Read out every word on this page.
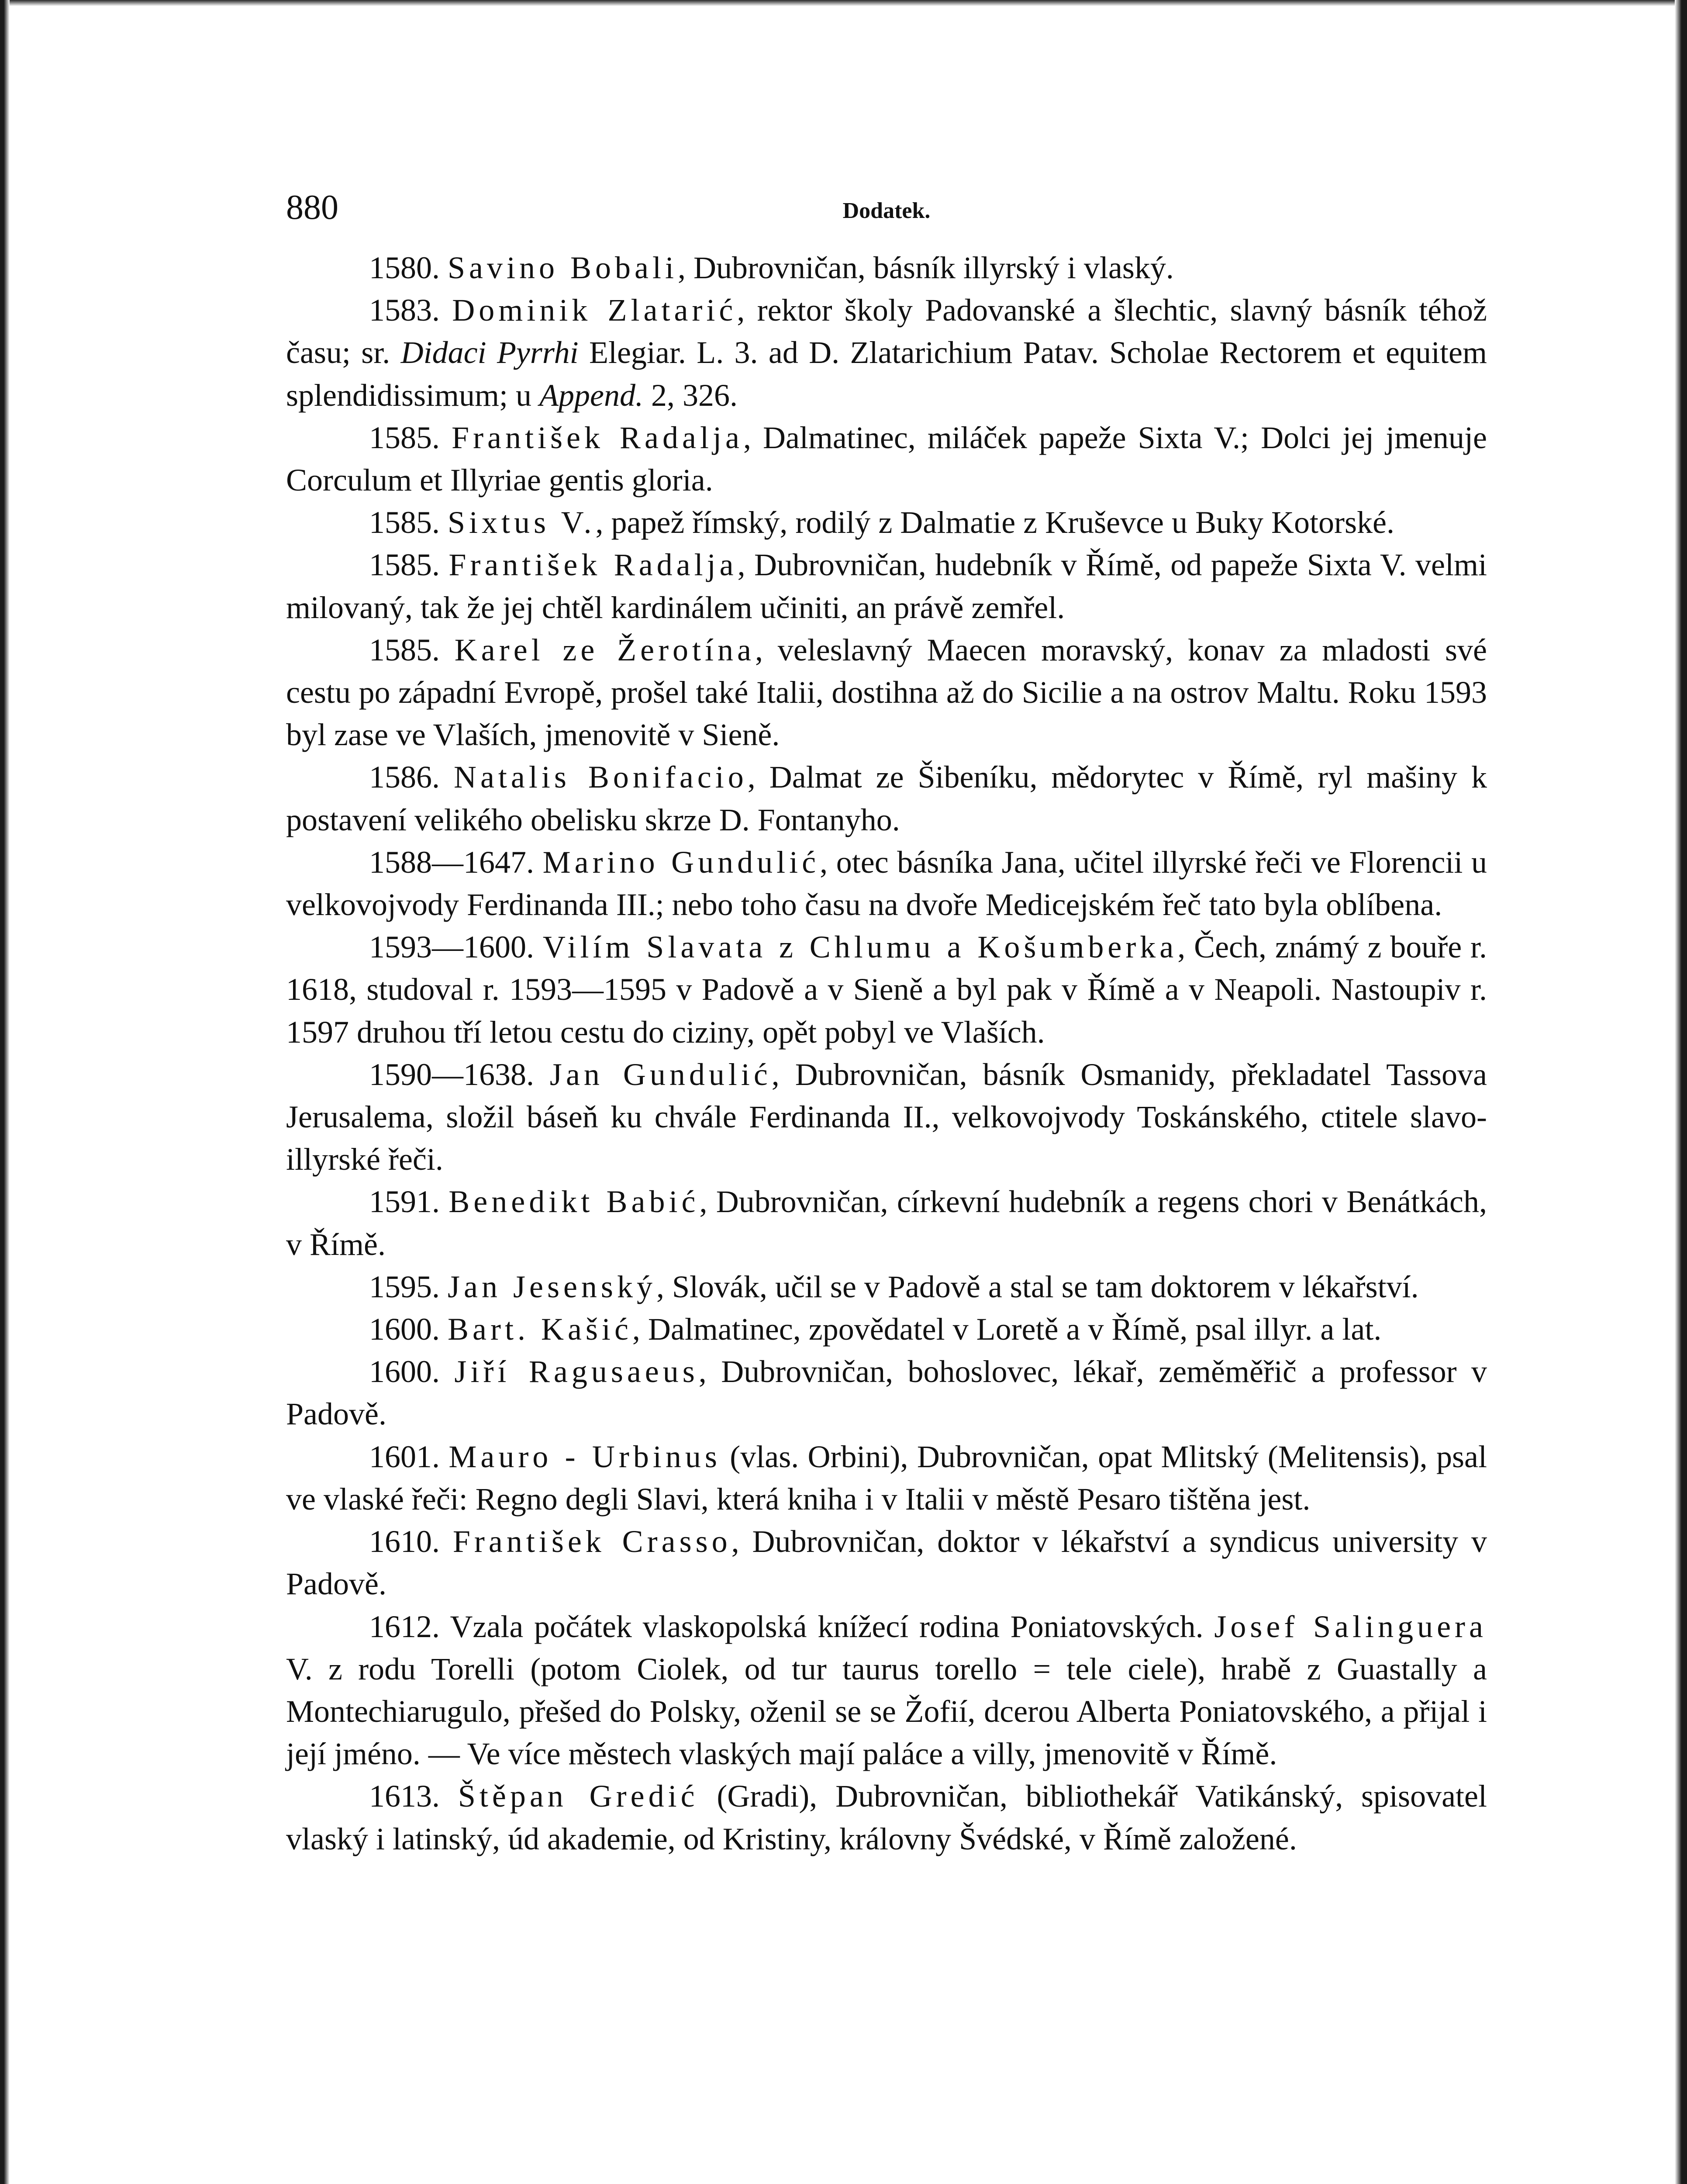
880	Dodatek.

1580. Savino Bobali, Dubrovničan, básník illyrský i vlaský.

1583. Dominik Zlatarić, rektor školy Padovanské a šlechtic, slavný básník téhož času; sr. Didaci Pyrrhi Elegiar. L. 3. ad D. Zlatarichium Patav. Scholae Rectorem et equitem splendidissimum; u Append. 2, 326.

1585. František Radalja, Dalmatinec, miláček papeže Sixta V.; Dolci jej jmenuje Corculum et Illyriae gentis gloria.

1585. Sixtus V., papež římský, rodilý z Dalmatie z Kruševce u Buky Kotorské.

1585. František Radalja, Dubrovničan, hudebník v Římě, od papeže Sixta V. velmi milovaný, tak že jej chtěl kardinálem učiniti, an právě zemřel.

1585. Karel ze Žerotína, veleslavný Maecen moravský, konav za mladosti své cestu po západní Evropě, prošel také Italii, dostihna až do Sicilie a na ostrov Maltu. Roku 1593 byl zase ve Vlaších, jmenovitě v Sieně.

1586. Natalis Bonifacio, Dalmat ze Šibeníku, mědorytec v Římě, ryl mašiny k postavení velikého obelisku skrze D. Fontanyho.

1588—1647. Marino Gundulić, otec básníka Jana, učitel illyrské řeči ve Florencii u velkovojvody Ferdinanda III.; nebo toho času na dvoře Medicejském řeč tato byla oblíbena.

1593—1600. Vilím Slavata z Chlumu a Košumberka, Čech, známý z bouře r. 1618, studoval r. 1593—1595 v Padově a v Sieně a byl pak v Římě a v Neapoli. Nastoupiv r. 1597 druhou tří letou cestu do ciziny, opět pobyl ve Vlaších.

1590—1638. Jan Gundulić, Dubrovničan, básník Osmanidy, překladatel Tassova Jerusalema, složil báseň ku chvále Ferdinanda II., velkovojvody Toskánského, ctitele slavo-illyrské řeči.

1591. Benedikt Babić, Dubrovničan, církevní hudebník a regens chori v Benátkách, v Římě.

1595. Jan Jesenský, Slovák, učil se v Padově a stal se tam doktorem v lékařství.

1600. Bart. Kašić, Dalmatinec, zpovědatel v Loretě a v Římě, psal illyr. a lat.

1600. Jiří Ragusaeus, Dubrovničan, bohoslovec, lékař, zeměměřič a professor v Padově.

1601. Mauro - Urbinus (vlas. Orbini), Dubrovničan, opat Mlitský (Melitensis), psal ve vlaské řeči: Regno degli Slavi, která kniha i v Italii v městě Pesaro tištěna jest.

1610. František Crasso, Dubrovničan, doktor v lékařství a syndicus university v Padově.

1612. Vzala počátek vlaskopolská knížecí rodina Poniatovských. Josef Salinguera V. z rodu Torelli (potom Ciolek, od tur taurus torello = tele ciele), hrabě z Guastally a Montechiarugulo, přešed do Polsky, oženil se se Žofií, dcerou Alberta Poniatovského, a přijal i její jméno. — Ve více městech vlaských mají paláce a villy, jmenovitě v Římě.

1613. Štěpan Gredić (Gradi), Dubrovničan, bibliothekář Vatikánský, spisovatel vlaský i latinský, úd akademie, od Kristiny, královny Švédské, v Římě založené.
